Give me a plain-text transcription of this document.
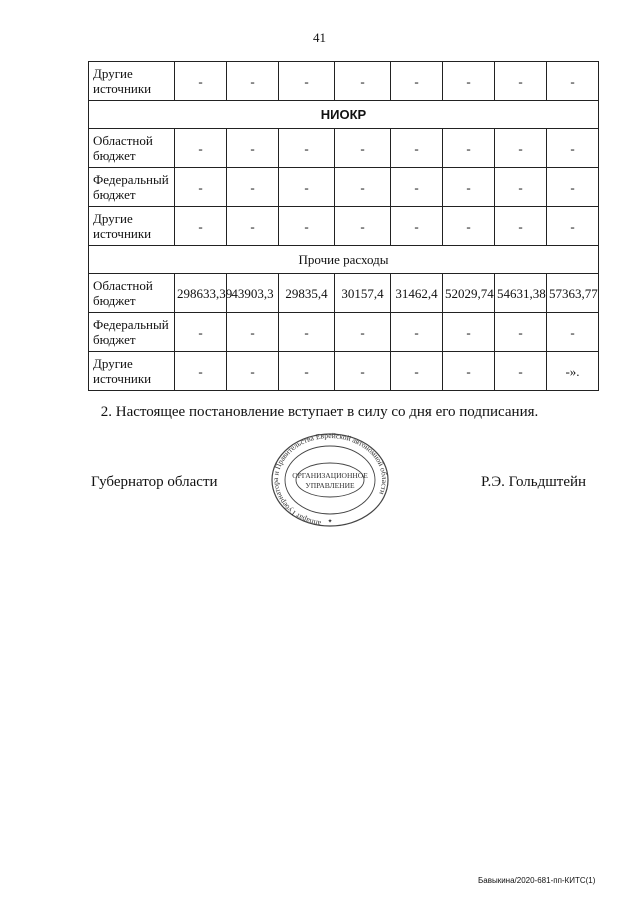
41
Другие источники	-	-	-	-	-	-	-	-
НИОКР								
Областной бюджет	-	-	-	-	-	-	-	-
Федеральный бюджет	-	-	-	-	-	-	-	-
Другие источники	-	-	-	-	-	-	-	-
Прочие расходы								
Областной бюджет	298633,39	43903,3	29835,4	30157,4	31462,4	52029,74	54631,38	57363,77
Федеральный бюджет	-	-	-	-	-	-	-	-
Другие источники	-	-	-	-	-	-	-	-».
2. Настоящее постановление вступает в силу со дня его подписания.
Губернатор области
аппарат Губернатора и Правительства Еврейской автономной области
ОРГАНИЗАЦИОННОЕ
УПРАВЛЕНИЕ
✦
Р.Э. Гольдштейн
Бавыкина/2020-681-пп-КИТС(1)
